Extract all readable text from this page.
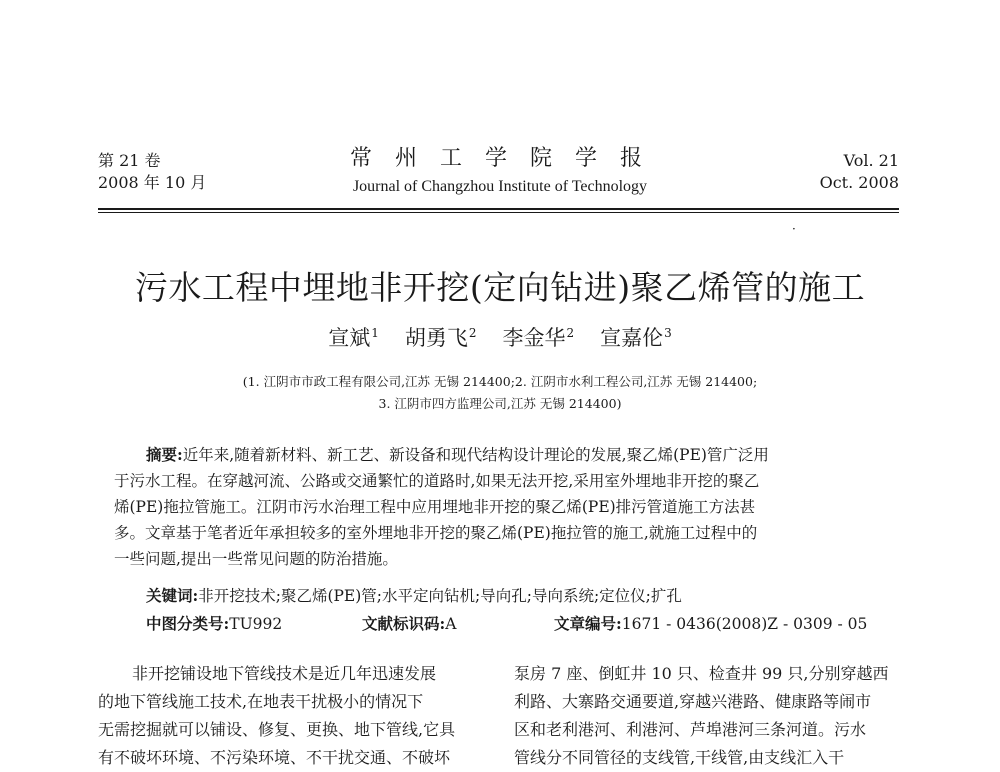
第 21 卷
2008 年 10 月
常 州 工 学 院 学 报
Journal of Changzhou Institute of Technology
Vol. 21
Oct. 2008
·
污水工程中埋地非开挖(定向钻进)聚乙烯管的施工
宣斌$^1$ 胡勇飞$^2$ 李金华$^2$ 宣嘉伦$^3$
(1. 江阴市市政工程有限公司,江苏 无锡 214400;2. 江阴市水利工程公司,江苏 无锡 214400;
3. 江阴市四方监理公司,江苏 无锡 214400)
摘要:近年来,随着新材料、新工艺、新设备和现代结构设计理论的发展,聚乙烯(PE)管广泛用
于污水工程。在穿越河流、公路或交通繁忙的道路时,如果无法开挖,采用室外埋地非开挖的聚乙
烯(PE)拖拉管施工。江阴市污水治理工程中应用埋地非开挖的聚乙烯(PE)排污管道施工方法甚
多。文章基于笔者近年承担较多的室外埋地非开挖的聚乙烯(PE)拖拉管的施工,就施工过程中的
一些问题,提出一些常见问题的防治措施。
关键词:非开挖技术;聚乙烯(PE)管;水平定向钻机;导向孔;导向系统;定位仪;扩孔
中图分类号:TU992	文献标识码:A	文章编号:1671 - 0436(2008)Z - 0309 - 05
非开挖铺设地下管线技术是近几年迅速发展
的地下管线施工技术,在地表干扰极小的情况下
无需挖掘就可以铺设、修复、更换、地下管线,它具
有不破坏环境、不污染环境、不干扰交通、不破坏
泵房 7 座、倒虹井 10 只、检查井 99 只,分别穿越西
利路、大寨路交通要道,穿越兴港路、健康路等闹市
区和老利港河、利港河、芦埠港河三条河道。污水
管线分不同管径的支线管,干线管,由支线汇入干
